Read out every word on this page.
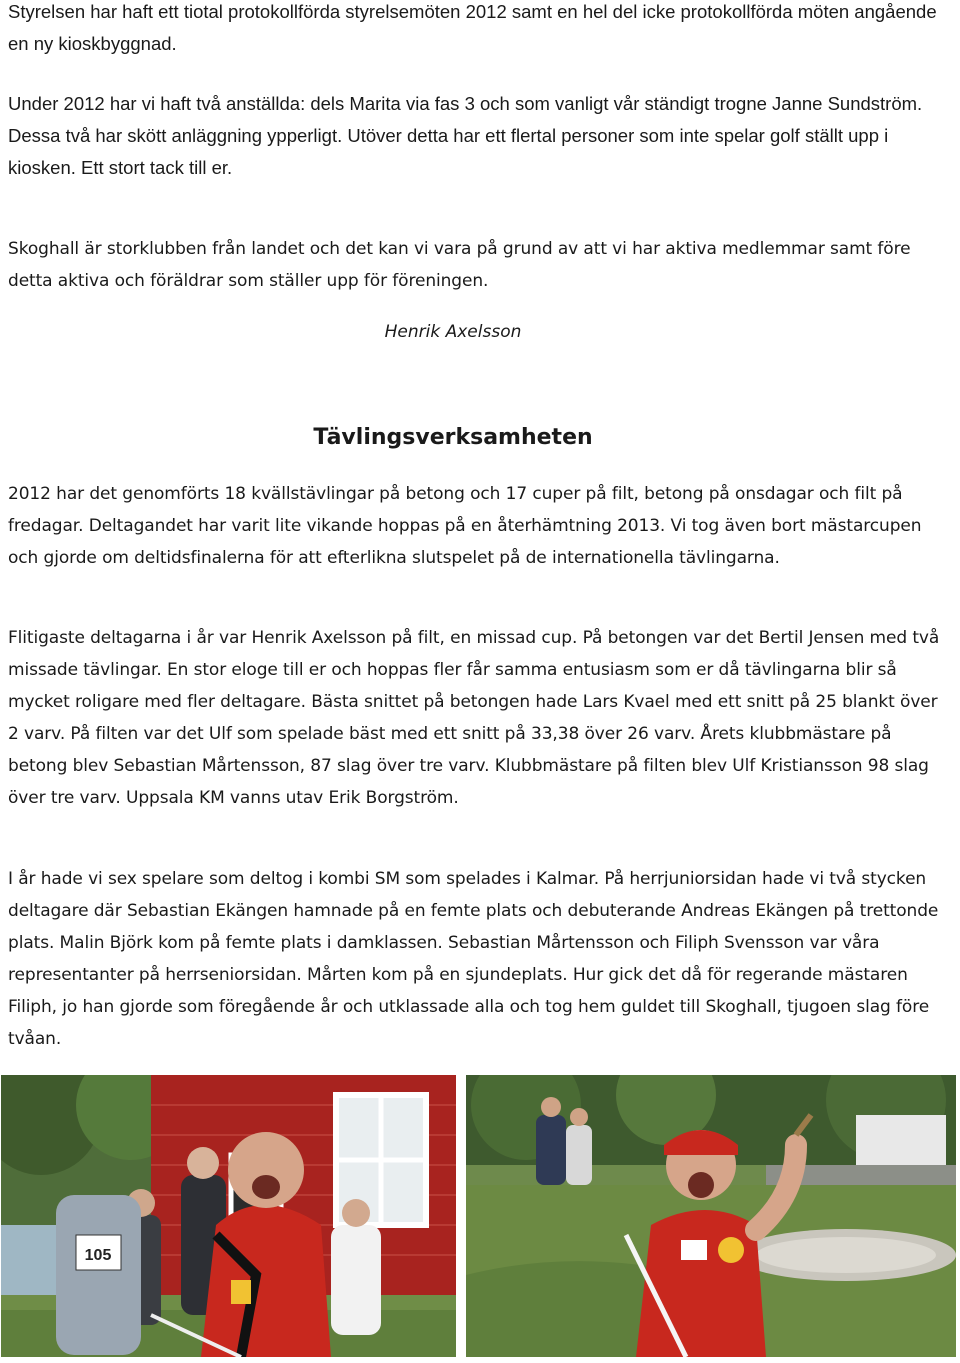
Styrelsen har haft ett tiotal protokollförda styrelsemöten 2012 samt en hel del icke protokollförda möten angående en ny kioskbyggnad.

Under 2012 har vi haft två anställda: dels Marita via fas 3 och som vanligt vår ständigt trogne Janne Sundström. Dessa två har skött anläggning ypperligt. Utöver detta har ett flertal personer som inte spelar golf ställt upp i kiosken. Ett stort tack till er.

Skoghall är storklubben från landet och det kan vi vara på grund av att vi har aktiva medlemmar samt före detta aktiva och föräldrar som ställer upp för föreningen.

Henrik Axelsson
Tävlingsverksamheten

2012 har det genomförts 18 kvällstävlingar på betong och 17 cuper på filt, betong på onsdagar och filt på fredagar. Deltagandet har varit lite vikande hoppas på en återhämtning 2013. Vi tog även bort mästarcupen och gjorde om deltidsfinalerna för att efterlikna slutspelet på de internationella tävlingarna.

Flitigaste deltagarna i år var Henrik Axelsson på filt, en missad cup. På betongen var det Bertil Jensen med två missade tävlingar. En stor eloge till er och hoppas fler får samma entusiasm som er då tävlingarna blir så mycket roligare med fler deltagare. Bästa snittet på betongen hade Lars Kvael med ett snitt på 25 blankt över 2 varv. På filten var det Ulf som spelade bäst med ett snitt på 33,38 över 26 varv. Årets klubbmästare på betong blev Sebastian Mårtensson, 87 slag över tre varv. Klubbmästare på filten blev Ulf Kristiansson 98 slag över tre varv. Uppsala KM vanns utav Erik Borgström.

I år hade vi sex spelare som deltog i kombi SM som spelades i Kalmar. På herrjuniorsidan hade vi två stycken deltagare där Sebastian Ekängen hamnade på en femte plats och debuterande Andreas Ekängen på trettonde plats. Malin Björk kom på femte plats i damklassen. Sebastian Mårtensson och Filiph Svensson var våra representanter på herrseniorsidan. Mårten kom på en sjundeplats. Hur gick det då för regerande mästaren Filiph, jo han gjorde som föregående år och utklassade alla och tog hem guldet till Skoghall, tjugoen slag före tvåan.

105
